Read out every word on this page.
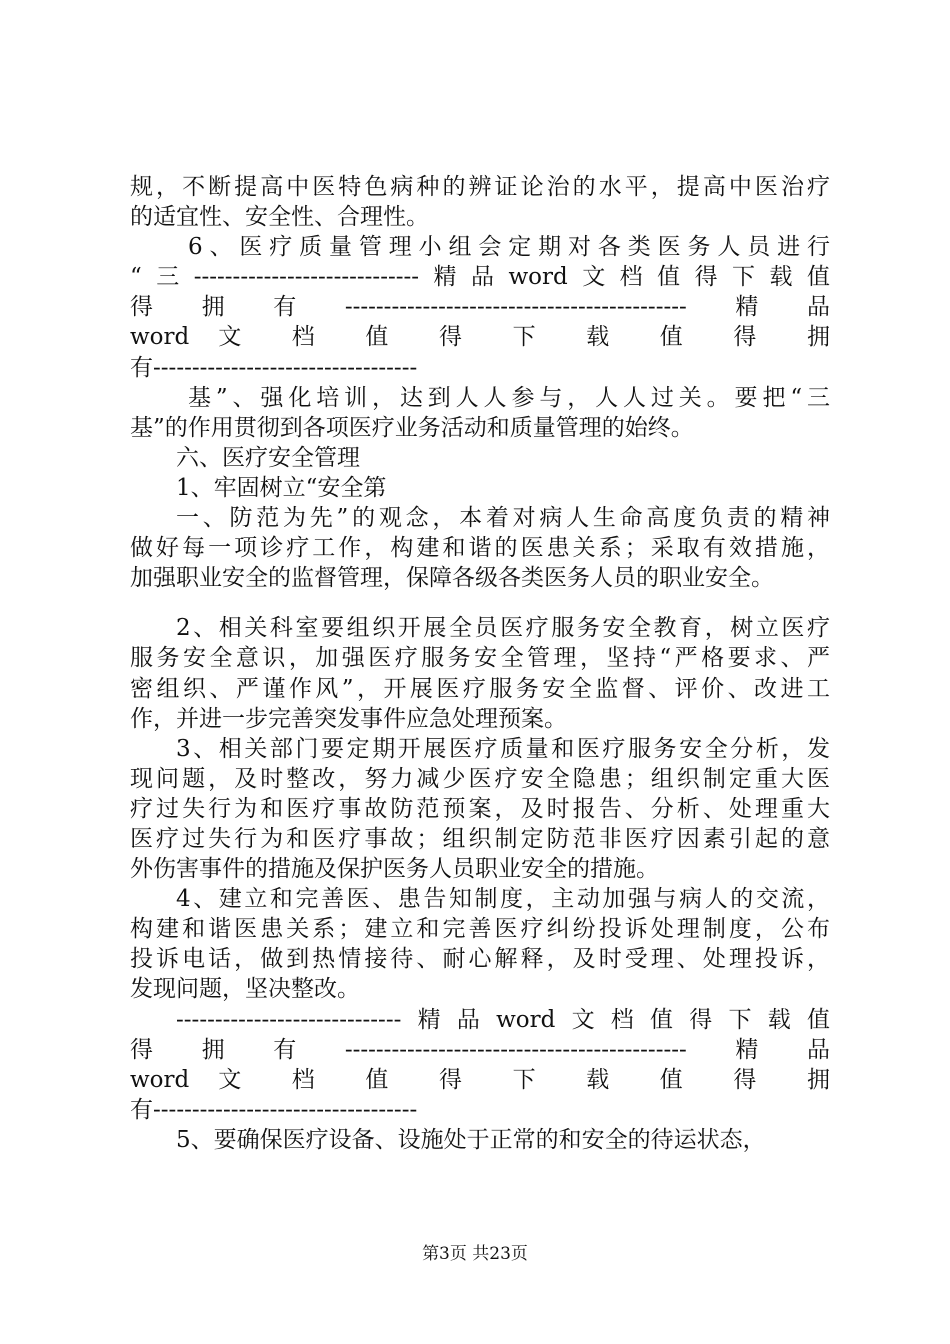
规，不断提高中医特色病种的辨证论治的水平，提高中医治疗
的适宜性、安全性、合理性。
6、医疗质量管理小组会定期对各类医务人员进行
“三-----------------------------精品word文档值得下载值
得拥有--------------------------------------------精品
word 文 档 值 得 下 载 值 得 拥
有----------------------------------
基”、强化培训，达到人人参与，人人过关。要把“三
基”的作用贯彻到各项医疗业务活动和质量管理的始终。
六、医疗安全管理
1、牢固树立“安全第
一、防范为先”的观念，本着对病人生命高度负责的精神
做好每一项诊疗工作，构建和谐的医患关系；采取有效措施，
加强职业安全的监督管理，保障各级各类医务人员的职业安全。
2、相关科室要组织开展全员医疗服务安全教育，树立医疗
服务安全意识，加强医疗服务安全管理，坚持“严格要求、严
密组织、严谨作风”，开展医疗服务安全监督、评价、改进工
作，并进一步完善突发事件应急处理预案。
3、相关部门要定期开展医疗质量和医疗服务安全分析，发
现问题，及时整改，努力减少医疗安全隐患；组织制定重大医
疗过失行为和医疗事故防范预案，及时报告、分析、处理重大
医疗过失行为和医疗事故；组织制定防范非医疗因素引起的意
外伤害事件的措施及保护医务人员职业安全的措施。
4、建立和完善医、患告知制度，主动加强与病人的交流，
构建和谐医患关系；建立和完善医疗纠纷投诉处理制度，公布
投诉电话，做到热情接待、耐心解释，及时受理、处理投诉，
发现问题，坚决整改。
-----------------------------精品word文档值得下载值
得拥有--------------------------------------------精品
word 文 档 值 得 下 载 值 得 拥
有----------------------------------
5、要确保医疗设备、设施处于正常的和安全的待运状态，
第3页 共23页
